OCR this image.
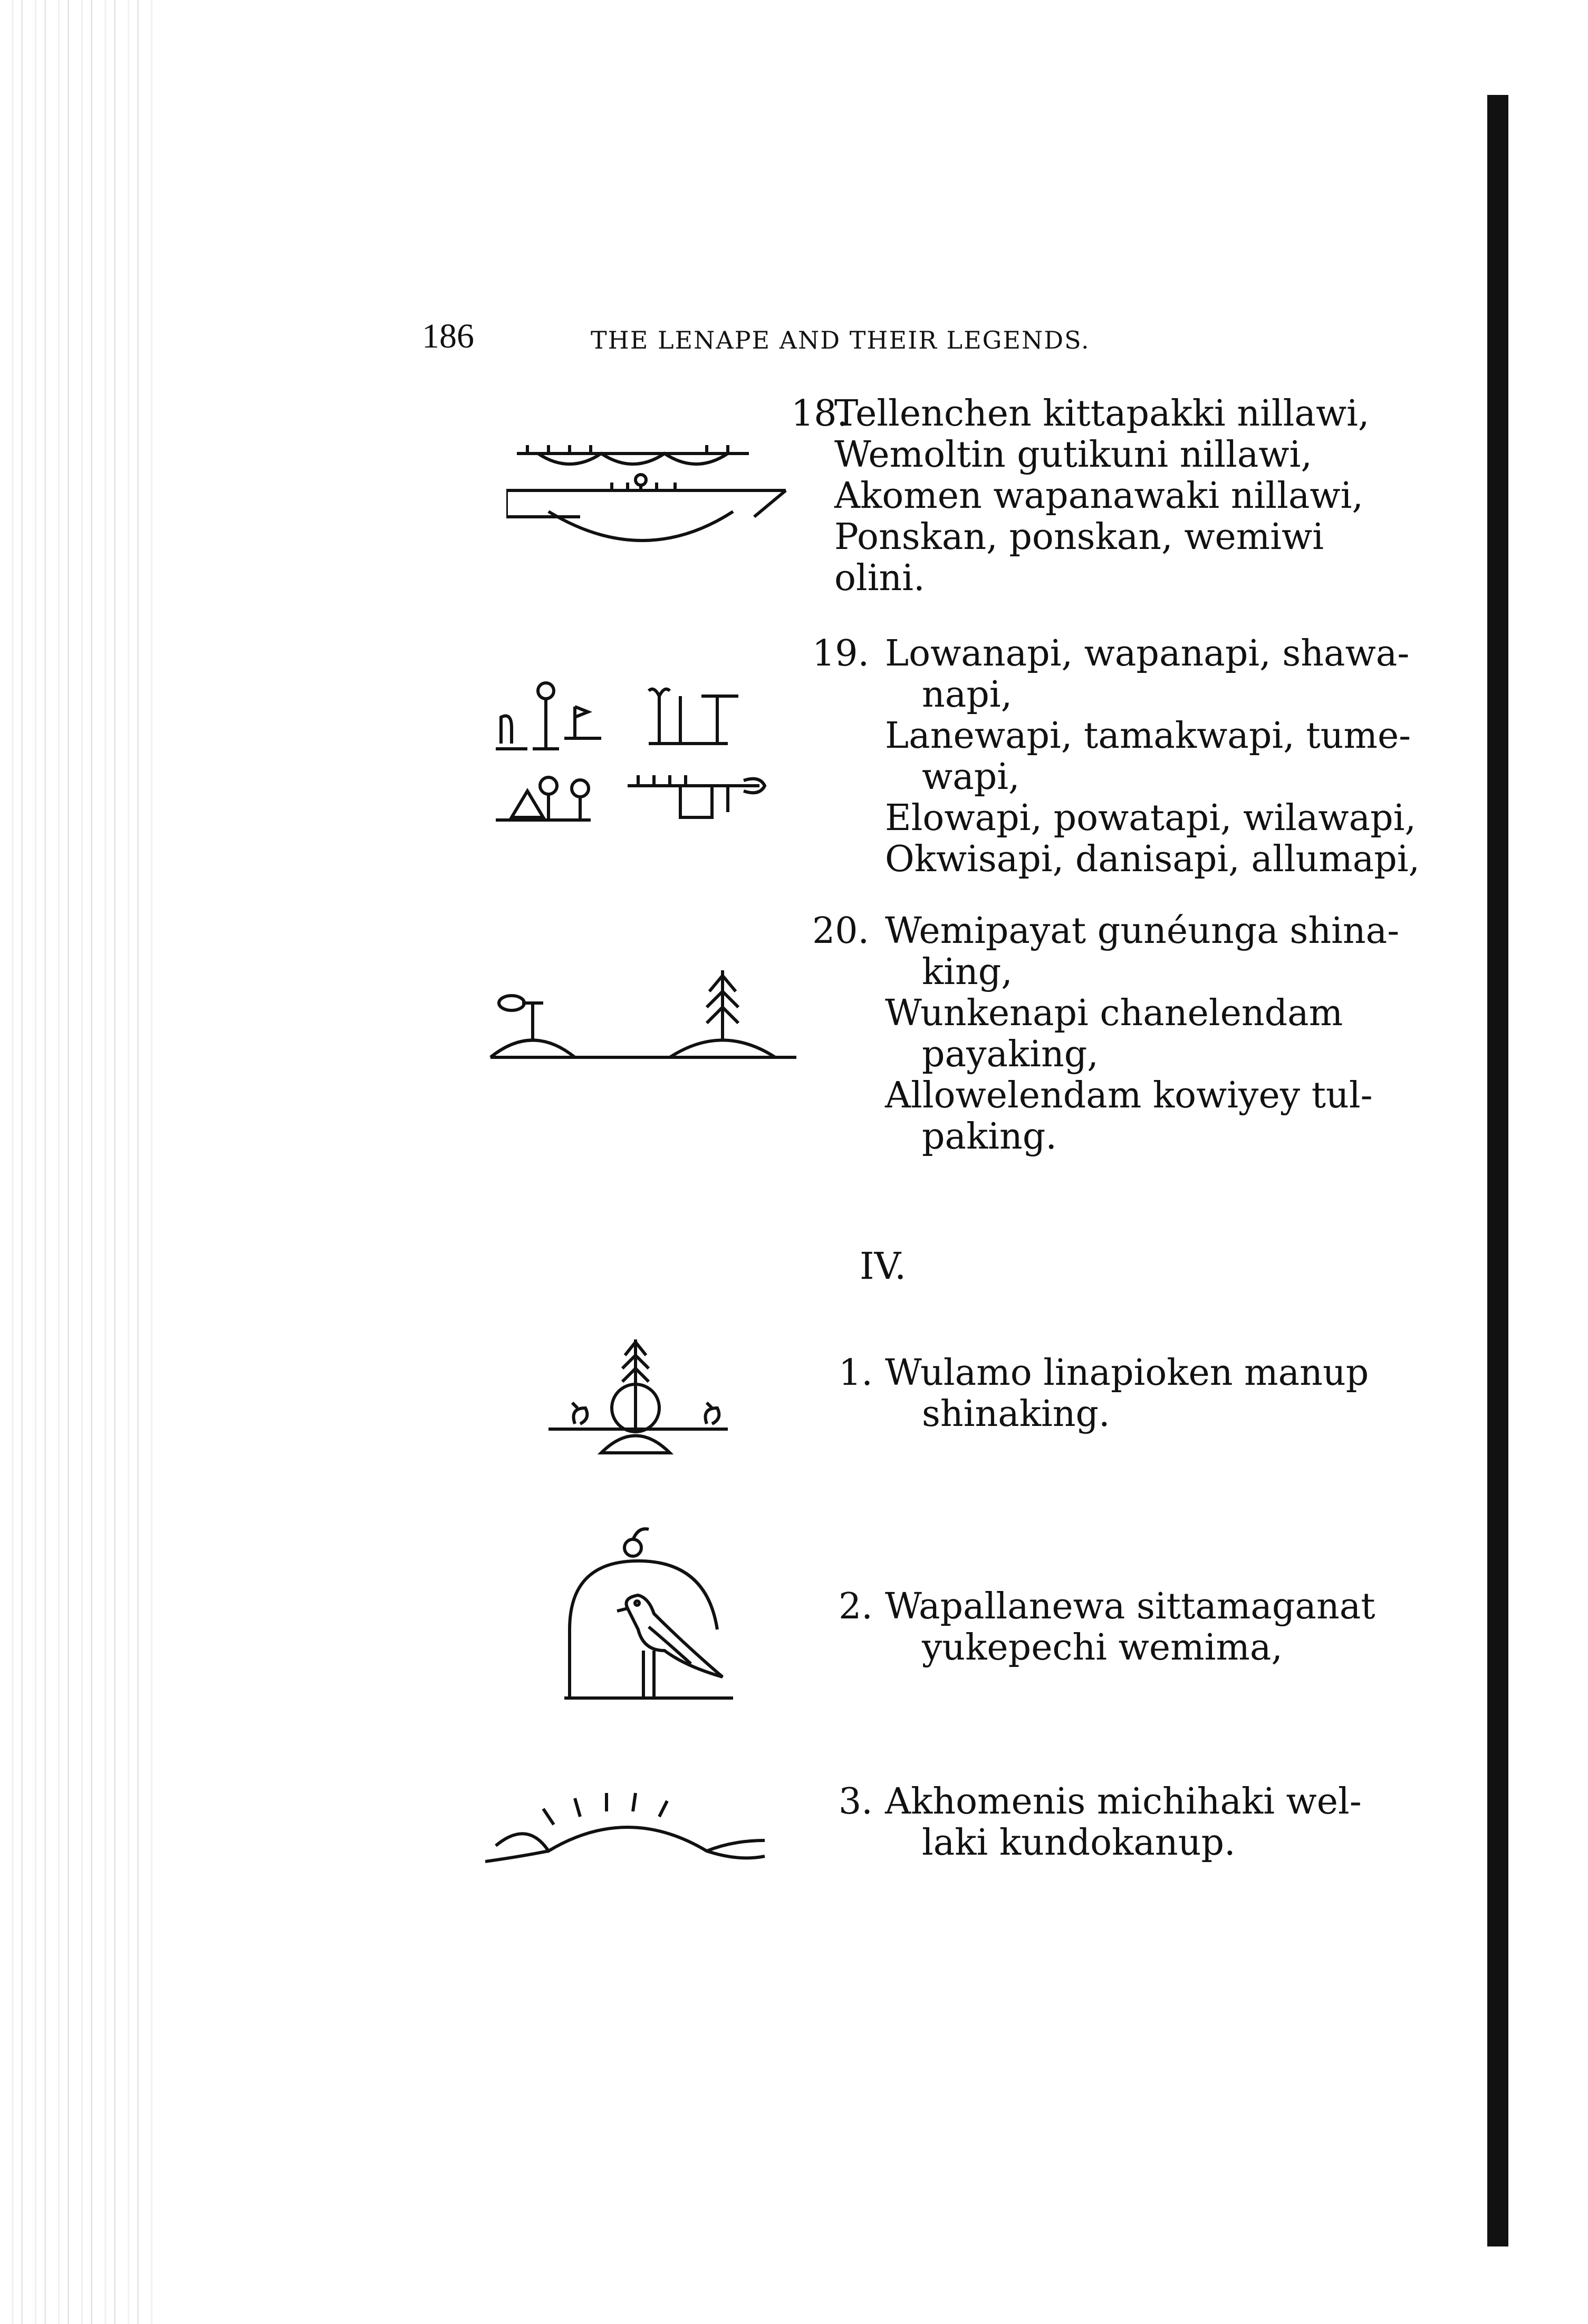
186	THE LENAPE AND THEIR LEGENDS.
18.
Tellenchen kittapakki nillawi,
Wemoltin gutikuni nillawi,
Akomen wapanawaki nillawi,
Ponskan, ponskan, wemiwi
olini.
19. Lowanapi, wapanapi, shawa-
napi,
Lanewapi, tamakwapi, tume-
wapi,
Elowapi, powatapi, wilawapi,
Okwisapi, danisapi, allumapi,
20. Wemipayat gunéunga shina-
king,
Wunkenapi chanelendam
payaking,
Allowelendam kowiyey tul-
paking.
IV.
1. Wulamo linapioken manup
shinaking.
2. Wapallanewa sittamaganat
yukepechi wemima,
3. Akhomenis michihaki wel-
laki kundokanup.
